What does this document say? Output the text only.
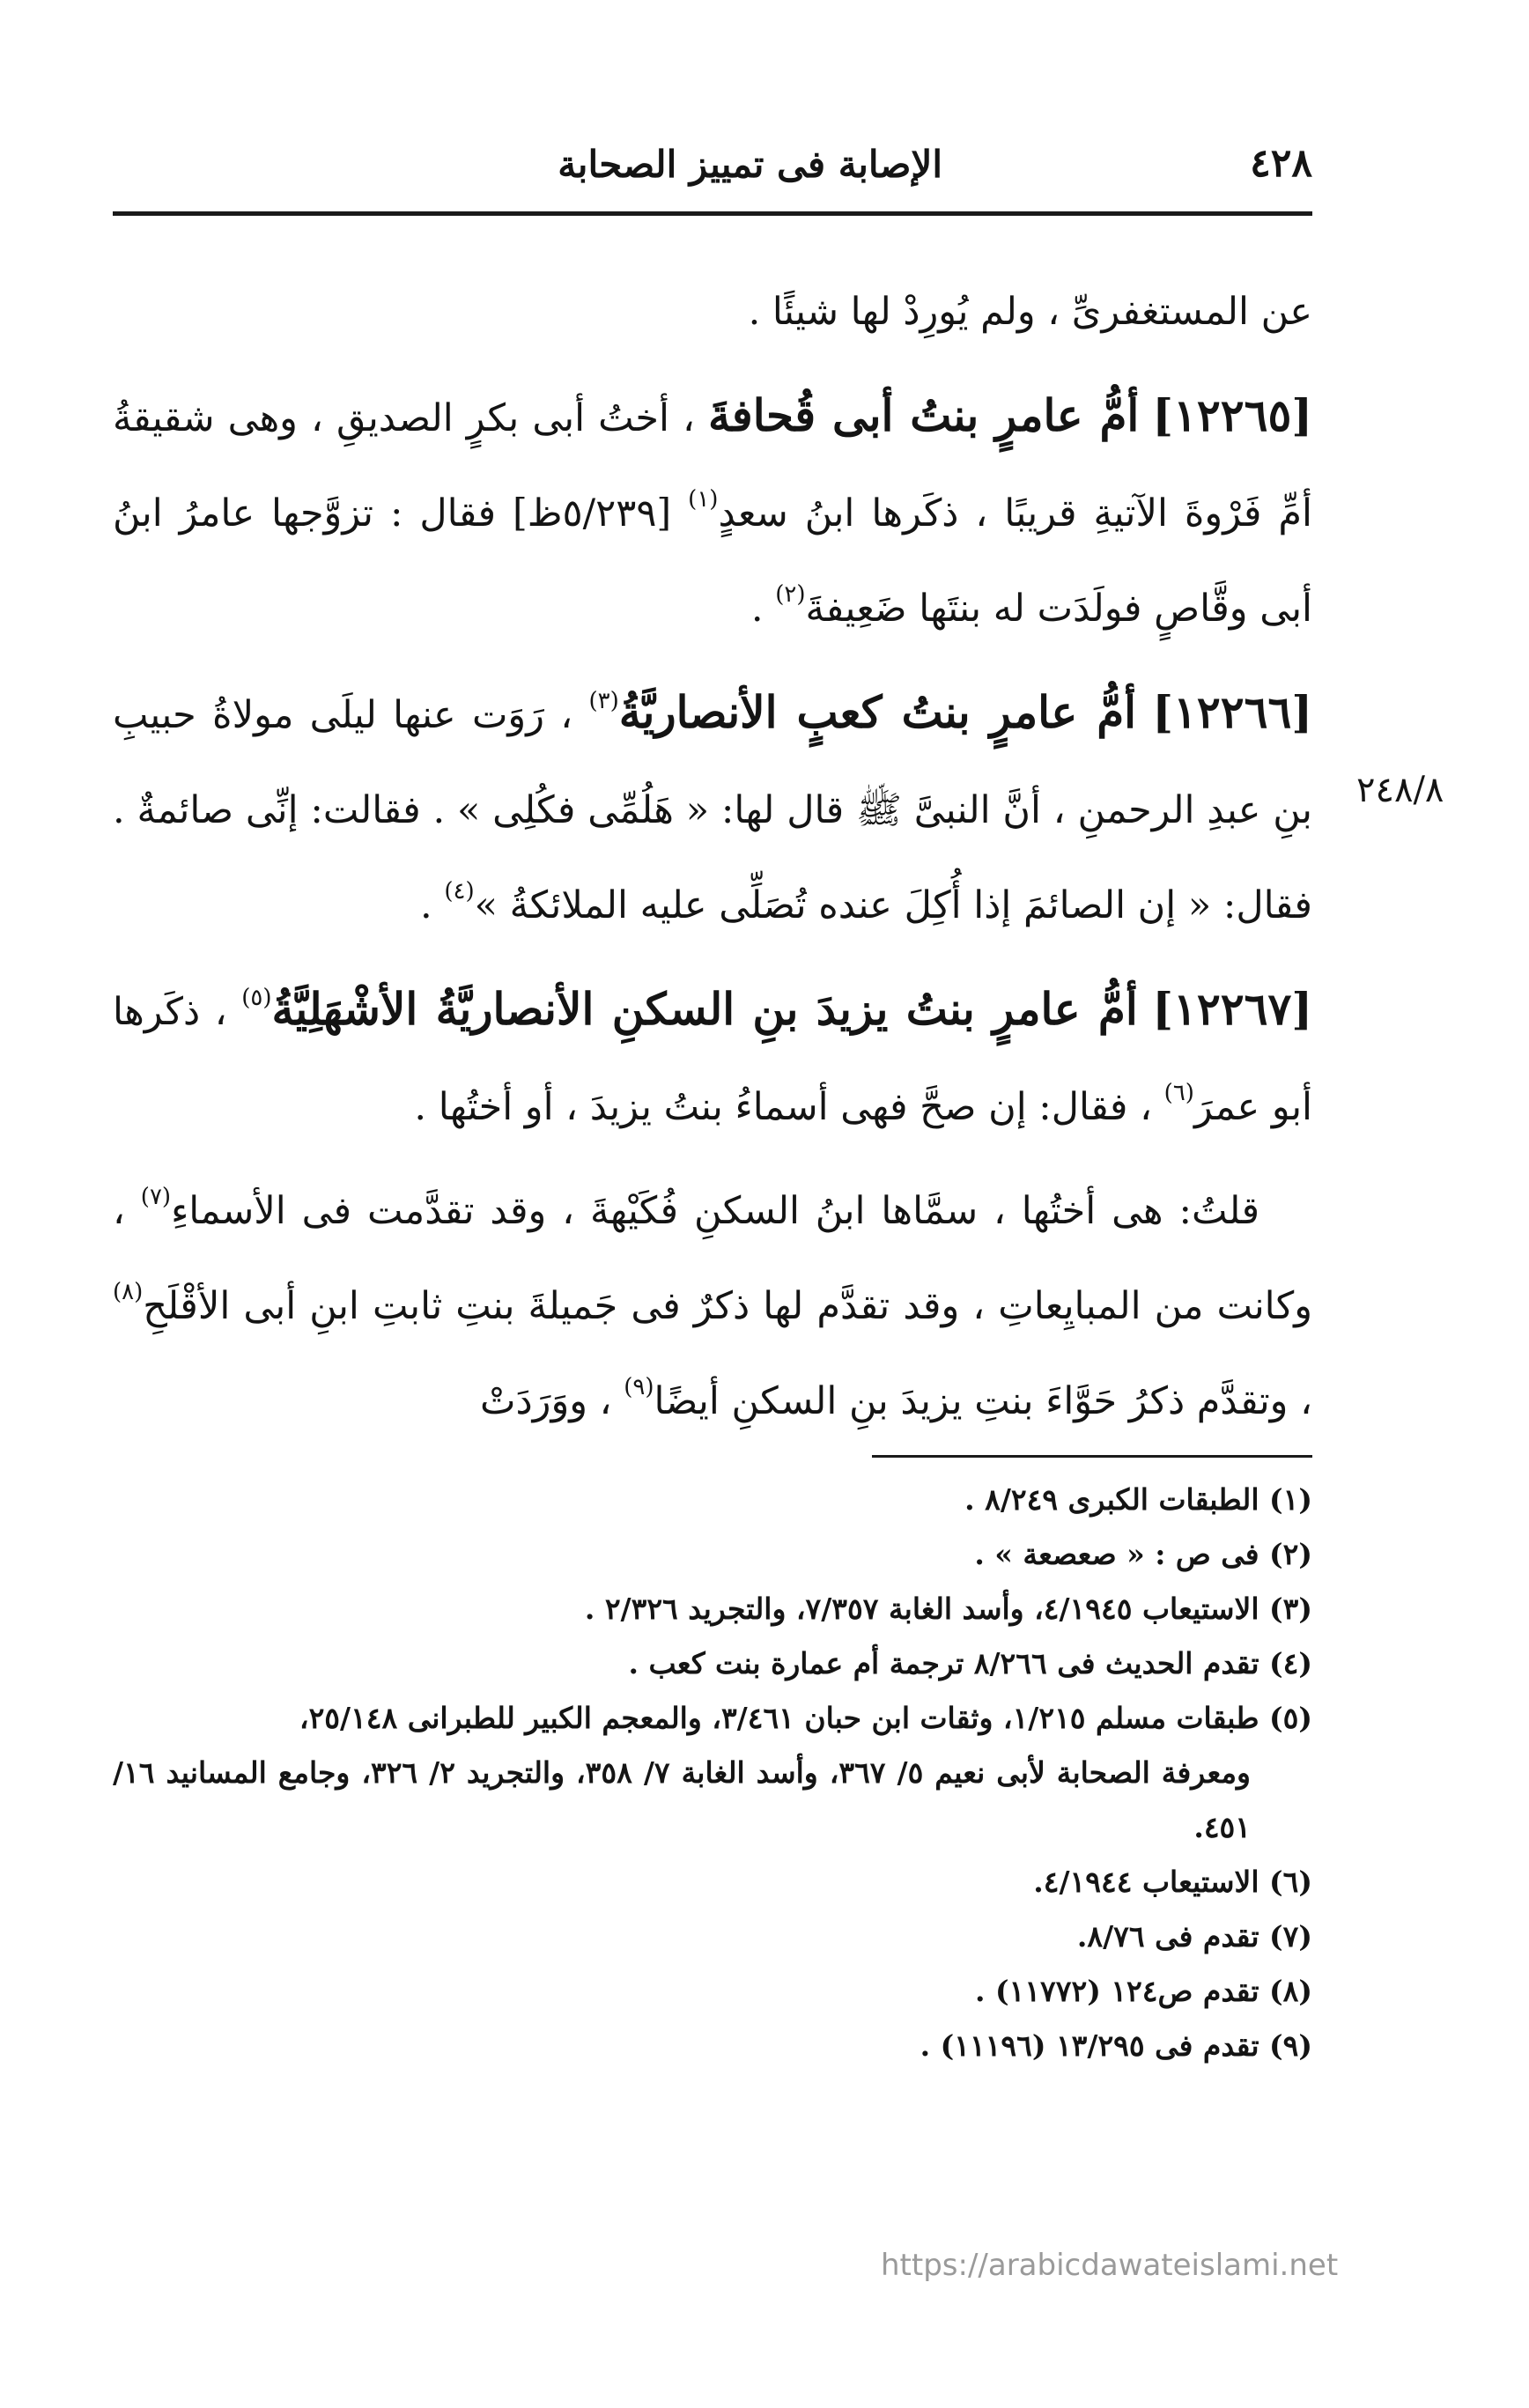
٤٢٨
الإصابة فى تمييز الصحابة
٢٤٨/٨

عن المستغفرىِّ ، ولم يُورِدْ لها شيئًا .

[١٢٢٦٥] أمُّ عامرٍ بنتُ أبى قُحافةَ ، أختُ أبى بكرٍ الصديقِ ، وهى شقيقةُ أمِّ فَرْوةَ الآتيةِ قريبًا ، ذكَرها ابنُ سعدٍ$^{(١)}$ [٥/٢٣٩ظ] فقال : تزوَّجها عامرُ ابنُ أبى وقَّاصٍ فولَدَت له بنتَها ضَعِيفةَ$^{(٢)}$ .

[١٢٢٦٦] أمُّ عامرٍ بنتُ كعبٍ الأنصاريَّةُ$^{(٣)}$ ، رَوَت عنها ليلَى مولاةُ حبيبِ بنِ عبدِ الرحمنِ ، أنَّ النبىَّ ﷺ قال لها: « هَلُمِّى فكُلِى » . فقالت: إنِّى صائمةٌ . فقال: « إن الصائمَ إذا أُكِلَ عنده تُصَلِّى عليه الملائكةُ »$^{(٤)}$ .

[١٢٢٦٧] أمُّ عامرٍ بنتُ يزيدَ بنِ السكنِ الأنصاريَّةُ الأشْهَلِيَّةُ$^{(٥)}$ ، ذكَرها أبو عمرَ$^{(٦)}$ ، فقال: إن صحَّ فهى أسماءُ بنتُ يزيدَ ، أو أختُها .

قلتُ: هى أختُها ، سمَّاها ابنُ السكنِ فُكَيْهةَ ، وقد تقدَّمت فى الأسماءِ$^{(٧)}$ ، وكانت من المبايِعاتِ ، وقد تقدَّم لها ذكرٌ فى جَميلةَ بنتِ ثابتِ ابنِ أبى الأقْلَحِ$^{(٨)}$ ، وتقدَّم ذكرُ حَوَّاءَ بنتِ يزيدَ بنِ السكنِ أيضًا$^{(٩)}$ ، ووَرَدَتْ

(١) الطبقات الكبرى ٨/٢٤٩ .

(٢) فى ص : « صعصعة » .

(٣) الاستيعاب ٤/١٩٤٥، وأسد الغابة ٧/٣٥٧، والتجريد ٢/٣٢٦ .

(٤) تقدم الحديث فى ٨/٢٦٦ ترجمة أم عمارة بنت كعب .

(٥) طبقات مسلم ١/٢١٥، وثقات ابن حبان ٣/٤٦١، والمعجم الكبير للطبرانى ٢٥/١٤٨،

ومعرفة الصحابة لأبى نعيم ٥/ ٣٦٧، وأسد الغابة ٧/ ٣٥٨، والتجريد ٢/ ٣٢٦، وجامع المسانيد ١٦/ ٤٥١.

(٦) الاستيعاب ٤/١٩٤٤.

(٧) تقدم فى ٨/٧٦.

(٨) تقدم ص١٢٤ (١١٧٧٢) .

(٩) تقدم فى ١٣/٢٩٥ (١١١٩٦) .

https://arabicdawateislami.net
